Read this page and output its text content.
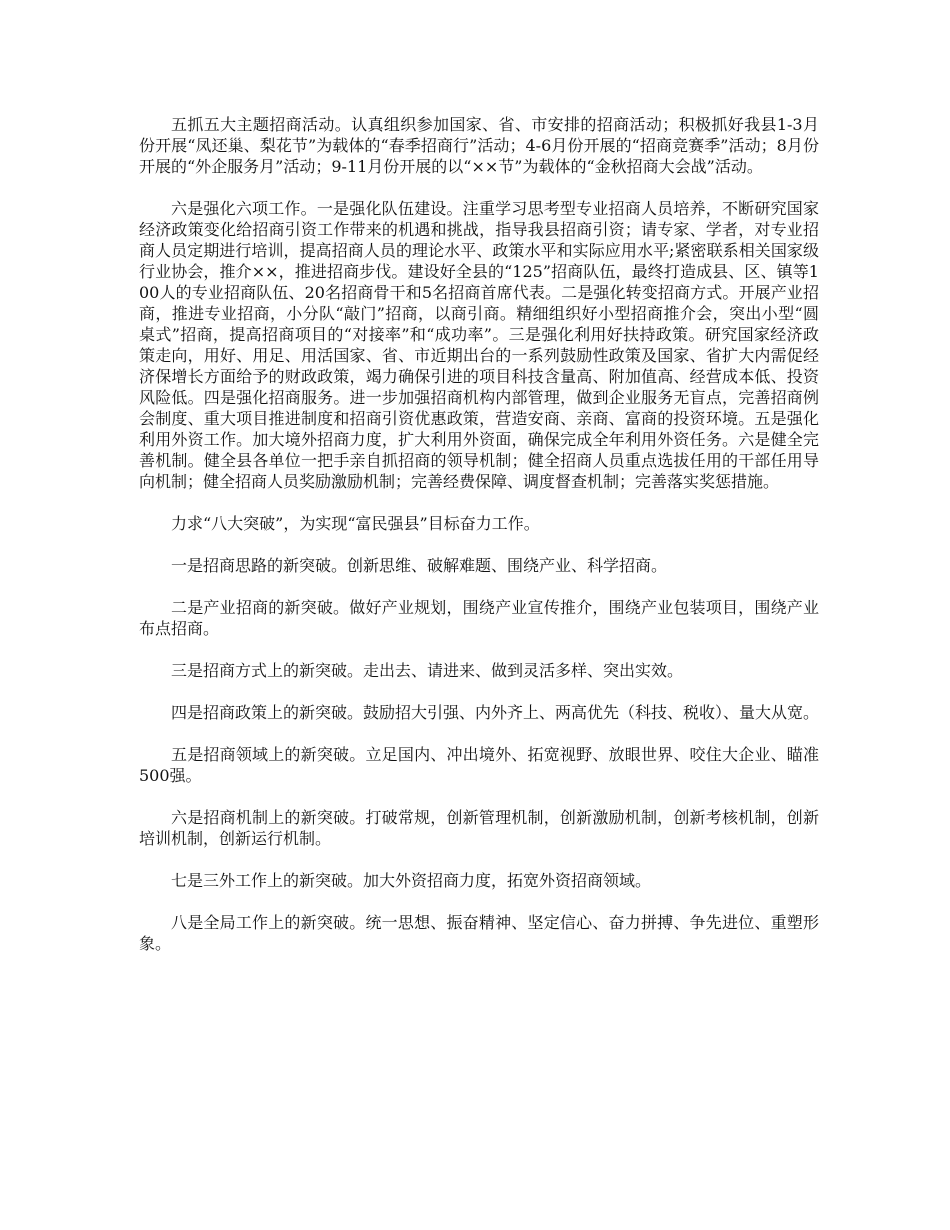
五抓五大主题招商活动。认真组织参加国家、省、市安排的招商活动；积极抓好我县1-3月份开展“凤还巢、梨花节”为载体的“春季招商行”活动；4-6月份开展的“招商竞赛季”活动；8月份开展的“外企服务月”活动；9-11月份开展的以“××节”为载体的“金秋招商大会战”活动。

六是强化六项工作。一是强化队伍建设。注重学习思考型专业招商人员培养，不断研究国家经济政策变化给招商引资工作带来的机遇和挑战，指导我县招商引资；请专家、学者，对专业招商人员定期进行培训，提高招商人员的理论水平、政策水平和实际应用水平;紧密联系相关国家级行业协会，推介××，推进招商步伐。建设好全县的“125”招商队伍，最终打造成县、区、镇等100人的专业招商队伍、20名招商骨干和5名招商首席代表。二是强化转变招商方式。开展产业招商，推进专业招商，小分队“敲门”招商，以商引商。精细组织好小型招商推介会，突出小型“圆桌式”招商，提高招商项目的“对接率”和“成功率”。三是强化利用好扶持政策。研究国家经济政策走向，用好、用足、用活国家、省、市近期出台的一系列鼓励性政策及国家、省扩大内需促经济保增长方面给予的财政政策，竭力确保引进的项目科技含量高、附加值高、经营成本低、投资风险低。四是强化招商服务。进一步加强招商机构内部管理，做到企业服务无盲点，完善招商例会制度、重大项目推进制度和招商引资优惠政策，营造安商、亲商、富商的投资环境。五是强化利用外资工作。加大境外招商力度，扩大利用外资面，确保完成全年利用外资任务。六是健全完善机制。健全县各单位一把手亲自抓招商的领导机制；健全招商人员重点选拔任用的干部任用导向机制；健全招商人员奖励激励机制；完善经费保障、调度督查机制；完善落实奖惩措施。

力求“八大突破”，为实现“富民强县”目标奋力工作。

一是招商思路的新突破。创新思维、破解难题、围绕产业、科学招商。

二是产业招商的新突破。做好产业规划，围绕产业宣传推介，围绕产业包装项目，围绕产业布点招商。

三是招商方式上的新突破。走出去、请进来、做到灵活多样、突出实效。

四是招商政策上的新突破。鼓励招大引强、内外齐上、两高优先（科技、税收）、量大从宽。

五是招商领域上的新突破。立足国内、冲出境外、拓宽视野、放眼世界、咬住大企业、瞄准500强。

六是招商机制上的新突破。打破常规，创新管理机制，创新激励机制，创新考核机制，创新培训机制，创新运行机制。

七是三外工作上的新突破。加大外资招商力度，拓宽外资招商领域。

八是全局工作上的新突破。统一思想、振奋精神、坚定信心、奋力拼搏、争先进位、重塑形象。
